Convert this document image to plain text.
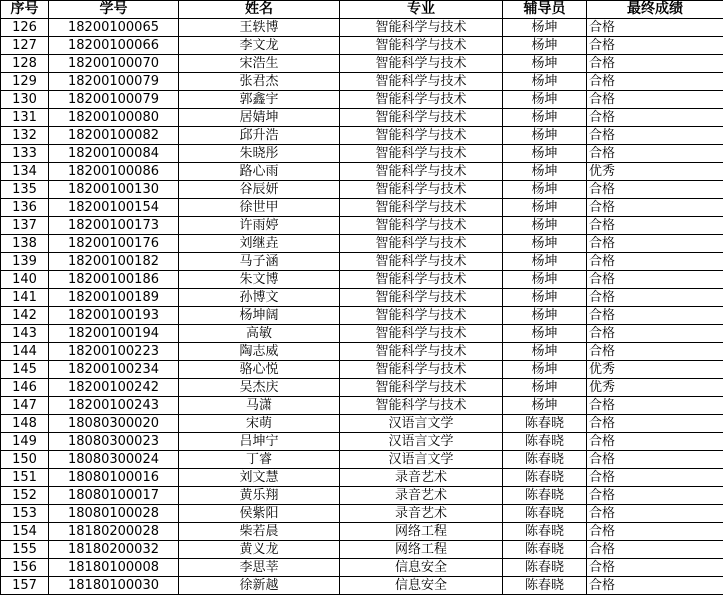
序号	学号	姓名	专业	辅导员	最终成绩
126	18200100065	王轶博	智能科学与技术	杨坤	合格
127	18200100066	李文龙	智能科学与技术	杨坤	合格
128	18200100070	宋浩生	智能科学与技术	杨坤	合格
129	18200100079	张君杰	智能科学与技术	杨坤	合格
130	18200100079	郭鑫宇	智能科学与技术	杨坤	合格
131	18200100080	居婧坤	智能科学与技术	杨坤	合格
132	18200100082	邱升浩	智能科学与技术	杨坤	合格
133	18200100084	朱晓彤	智能科学与技术	杨坤	合格
134	18200100086	路心雨	智能科学与技术	杨坤	优秀
135	18200100130	谷辰妍	智能科学与技术	杨坤	合格
136	18200100154	徐世甲	智能科学与技术	杨坤	合格
137	18200100173	许雨婷	智能科学与技术	杨坤	合格
138	18200100176	刘继垚	智能科学与技术	杨坤	合格
139	18200100182	马子涵	智能科学与技术	杨坤	合格
140	18200100186	朱文博	智能科学与技术	杨坤	合格
141	18200100189	孙博文	智能科学与技术	杨坤	合格
142	18200100193	杨坤阔	智能科学与技术	杨坤	合格
143	18200100194	高敏	智能科学与技术	杨坤	合格
144	18200100223	陶志威	智能科学与技术	杨坤	合格
145	18200100234	骆心悦	智能科学与技术	杨坤	优秀
146	18200100242	吴杰庆	智能科学与技术	杨坤	优秀
147	18200100243	马潇	智能科学与技术	杨坤	合格
148	18080300020	宋萌	汉语言文学	陈春晓	合格
149	18080300023	吕坤宁	汉语言文学	陈春晓	合格
150	18080300024	丁睿	汉语言文学	陈春晓	合格
151	18080100016	刘文慧	录音艺术	陈春晓	合格
152	18080100017	黄乐翔	录音艺术	陈春晓	合格
153	18080100028	侯紫阳	录音艺术	陈春晓	合格
154	18180200028	柴若晨	网络工程	陈春晓	合格
155	18180200032	黄义龙	网络工程	陈春晓	合格
156	18180100008	李思莘	信息安全	陈春晓	合格
157	18180100030	徐新越	信息安全	陈春晓	合格
